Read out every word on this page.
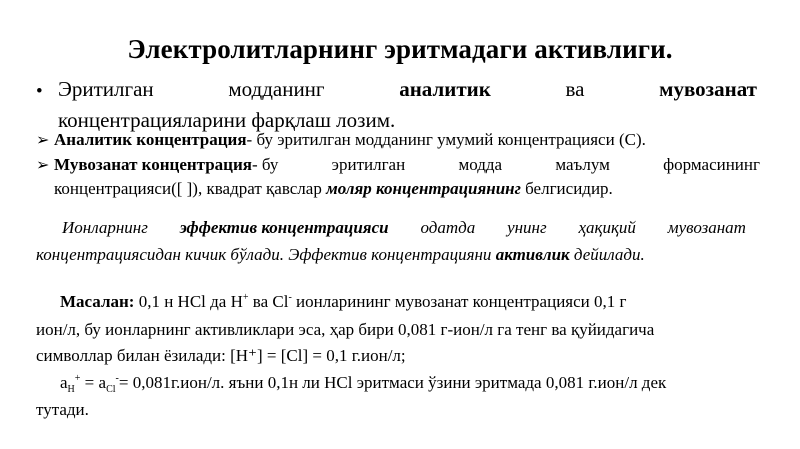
Электролитларнинг эритмадаги активлиги.
• Эритилган	модданинг	аналитик	ва	мувозанат
концентрацияларини фарқлаш лозим.
➢ Аналитик концентрация- бу эритилган модданинг умумий концентрацияси (С).
➢ Мувозанат концентрация- бу	эритилган	модда	маълум	формасининг
концентрацияси([ ]), квадрат қавслар моляр концентрациянинг белгисидир.
Ионларнинг эффектив концентрацияси одатда унинг ҳақиқий мувозанат
концентрациясидан кичик бўлади. Эффектив концентрацияни активлик дейилади.
Масалан: 0,1 н HCl да H+ ва Cl- ионларининг мувозанат концентрацияси 0,1 г
ион/л, бу ионларнинг активликлари эса, ҳар бири 0,081 г-ион/л га тенг ва қуйидагича
символлар билан ёзилади: [H⁺] = [Cl] = 0,1 г.ион/л;
$a_H^+ = a_{Cl}^-= 0,081г.ион/л$. яъни 0,1н ли HCl эритмаси ўзини эритмада 0,081 г.ион/л дек
тутади.
